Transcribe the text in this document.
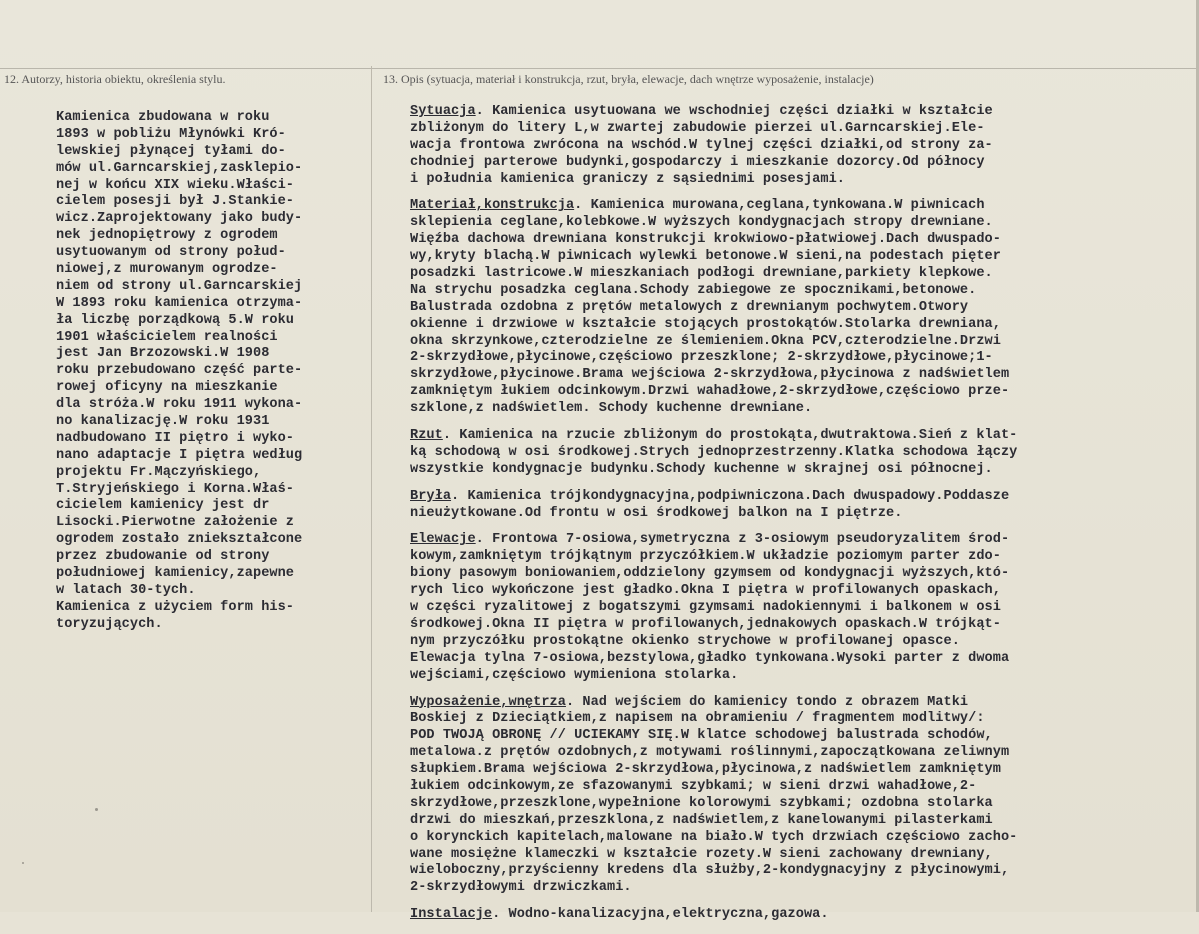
12. Autorzy, historia obiektu, określenia stylu.	13. Opis (sytuacja, materiał i konstrukcja, rzut, bryła, elewacje, dach wnętrze wyposażenie, instalacje)
Kamienica zbudowana w roku
1893 w pobliżu Młynówki Kró-
lewskiej płynącej tyłami do-
mów ul.Garncarskiej,zasklepio-
nej w końcu XIX wieku.Właści-
cielem posesji był J.Stankie-
wicz.Zaprojektowany jako budy-
nek jednopiętrowy z ogrodem
usytuowanym od strony połud-
niowej,z murowanym ogrodze-
niem od strony ul.Garncarskiej
W 1893 roku kamienica otrzyma-
ła liczbę porządkową 5.W roku
1901 właścicielem realności
jest Jan Brzozowski.W 1908
roku przebudowano część parte-
rowej oficyny na mieszkanie
dla stróża.W roku 1911 wykona-
no kanalizację.W roku 1931
nadbudowano II piętro i wyko-
nano adaptacje I piętra według
projektu Fr.Mączyńskiego,
T.Stryjeńskiego i Korna.Właś-
cicielem kamienicy jest dr
Lisocki.Pierwotne założenie z
ogrodem zostało zniekształcone
przez zbudowanie od strony
południowej kamienicy,zapewne
w latach 30-tych.
Kamienica z użyciem form his-
toryzujących.
Sytuacja. Kamienica usytuowana we wschodniej części działki w kształcie
zbliżonym do litery L,w zwartej zabudowie pierzei ul.Garncarskiej.Ele-
wacja frontowa zwrócona na wschód.W tylnej części działki,od strony za-
chodniej parterowe budynki,gospodarczy i mieszkanie dozorcy.Od północy
i południa kamienica graniczy z sąsiednimi posesjami.
Materiał,konstrukcja. Kamienica murowana,ceglana,tynkowana.W piwnicach
sklepienia ceglane,kolebkowe.W wyższych kondygnacjach stropy drewniane.
Więźba dachowa drewniana konstrukcji krokwiowo-płatwiowej.Dach dwuspado-
wy,kryty blachą.W piwnicach wylewki betonowe.W sieni,na podestach pięter
posadzki lastricowe.W mieszkaniach podłogi drewniane,parkiety klepkowe.
Na strychu posadzka ceglana.Schody zabiegowe ze spocznikami,betonowe.
Balustrada ozdobna z prętów metalowych z drewnianym pochwytem.Otwory
okienne i drzwiowe w kształcie stojących prostokątów.Stolarka drewniana,
okna skrzynkowe,czterodzielne ze ślemieniem.Okna PCV,czterodzielne.Drzwi
2-skrzydłowe,płycinowe,częściowo przeszklone; 2-skrzydłowe,płycinowe;1-
skrzydłowe,płycinowe.Brama wejściowa 2-skrzydłowa,płycinowa z nadświetlem
zamkniętym łukiem odcinkowym.Drzwi wahadłowe,2-skrzydłowe,częściowo prze-
szklone,z nadświetlem. Schody kuchenne drewniane.
Rzut. Kamienica na rzucie zbliżonym do prostokąta,dwutraktowa.Sień z klat-
ką schodową w osi środkowej.Strych jednoprzestrzenny.Klatka schodowa łączy
wszystkie kondygnacje budynku.Schody kuchenne w skrajnej osi północnej.
Bryła. Kamienica trójkondygnacyjna,podpiwniczona.Dach dwuspadowy.Poddasze
nieużytkowane.Od frontu w osi środkowej balkon na I piętrze.
Elewacje. Frontowa 7-osiowa,symetryczna z 3-osiowym pseudoryzalitem środ-
kowym,zamkniętym trójkątnym przyczółkiem.W układzie poziomym parter zdo-
biony pasowym boniowaniem,oddzielony gzymsem od kondygnacji wyższych,któ-
rych lico wykończone jest gładko.Okna I piętra w profilowanych opaskach,
w części ryzalitowej z bogatszymi gzymsami nadokiennymi i balkonem w osi
środkowej.Okna II piętra w profilowanych,jednakowych opaskach.W trójkąt-
nym przyczółku prostokątne okienko strychowe w profilowanej opasce.
Elewacja tylna 7-osiowa,bezstylowa,gładko tynkowana.Wysoki parter z dwoma
wejściami,częściowo wymieniona stolarka.
Wyposażenie,wnętrza. Nad wejściem do kamienicy tondo z obrazem Matki
Boskiej z Dzieciątkiem,z napisem na obramieniu / fragmentem modlitwy/:
POD TWOJĄ OBRONĘ // UCIEKAMY SIĘ.W klatce schodowej balustrada schodów,
metalowa.z prętów ozdobnych,z motywami roślinnymi,zapoczątkowana zeliwnym
słupkiem.Brama wejściowa 2-skrzydłowa,płycinowa,z nadświetlem zamkniętym
łukiem odcinkowym,ze sfazowanymi szybkami; w sieni drzwi wahadłowe,2-
skrzydłowe,przeszklone,wypełnione kolorowymi szybkami; ozdobna stolarka
drzwi do mieszkań,przeszklona,z nadświetlem,z kanelowanymi pilasterkami
o korynckich kapitelach,malowane na biało.W tych drzwiach częściowo zacho-
wane mosiężne klameczki w kształcie rozety.W sieni zachowany drewniany,
wieloboczny,przyścienny kredens dla służby,2-kondygnacyjny z płycinowymi,
2-skrzydłowymi drzwiczkami.
Instalacje. Wodno-kanalizacyjna,elektryczna,gazowa.
